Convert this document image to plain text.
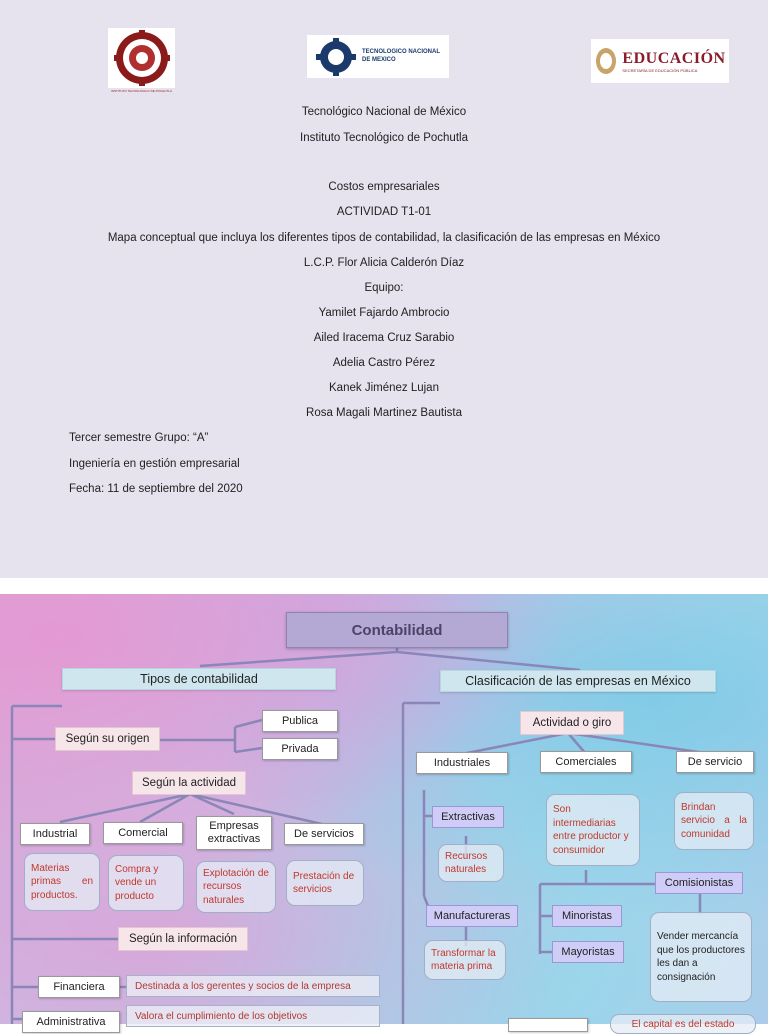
TECNOLOGICO NACIONAL DE MEXICO	EDUCACIÓN
SECRETARÍA DE EDUCACIÓN PÚBLICA
INSTITUTO TECNOLOGICO DE POCHUTLA
Tecnológico Nacional de México
Instituto Tecnológico de Pochutla
Costos empresariales
ACTIVIDAD T1-01
Mapa conceptual que incluya los diferentes tipos de contabilidad, la clasificación de las empresas en México
L.C.P. Flor Alicia Calderón Díaz
Equipo:
Yamilet Fajardo Ambrocio
Ailed Iracema Cruz Sarabio
Adelia Castro Pérez
Kanek Jiménez Lujan
Rosa Magali Martinez Bautista
Tercer semestre Grupo: “A”
Ingeniería en gestión empresarial
Fecha: 11 de septiembre del 2020
Contabilidad
Tipos de contabilidad	Clasificación de las empresas en México
Según su origen
Publica
Privada
Según la actividad
Industrial	Comercial
Empresas extractivas	De servicios
Materias primas en productos.
Compra y vende un producto
Explotación de recursos naturales
Prestación de servicios
Según la información
Financiera	Destinada a los gerentes y socios de la empresa
Administrativa	Valora el cumplimiento de los objetivos
Actividad o giro
Industriales	Comerciales	De servicio
Extractivas
Recursos naturales
Son intermediarias entre productor y consumidor
Brindan servicio a la comunidad
Comisionistas
Manufactureras	Minoristas
Mayoristas
Transformar la materia prima
Vender mercancía que los productores les dan a consignación
El capital es del estado
